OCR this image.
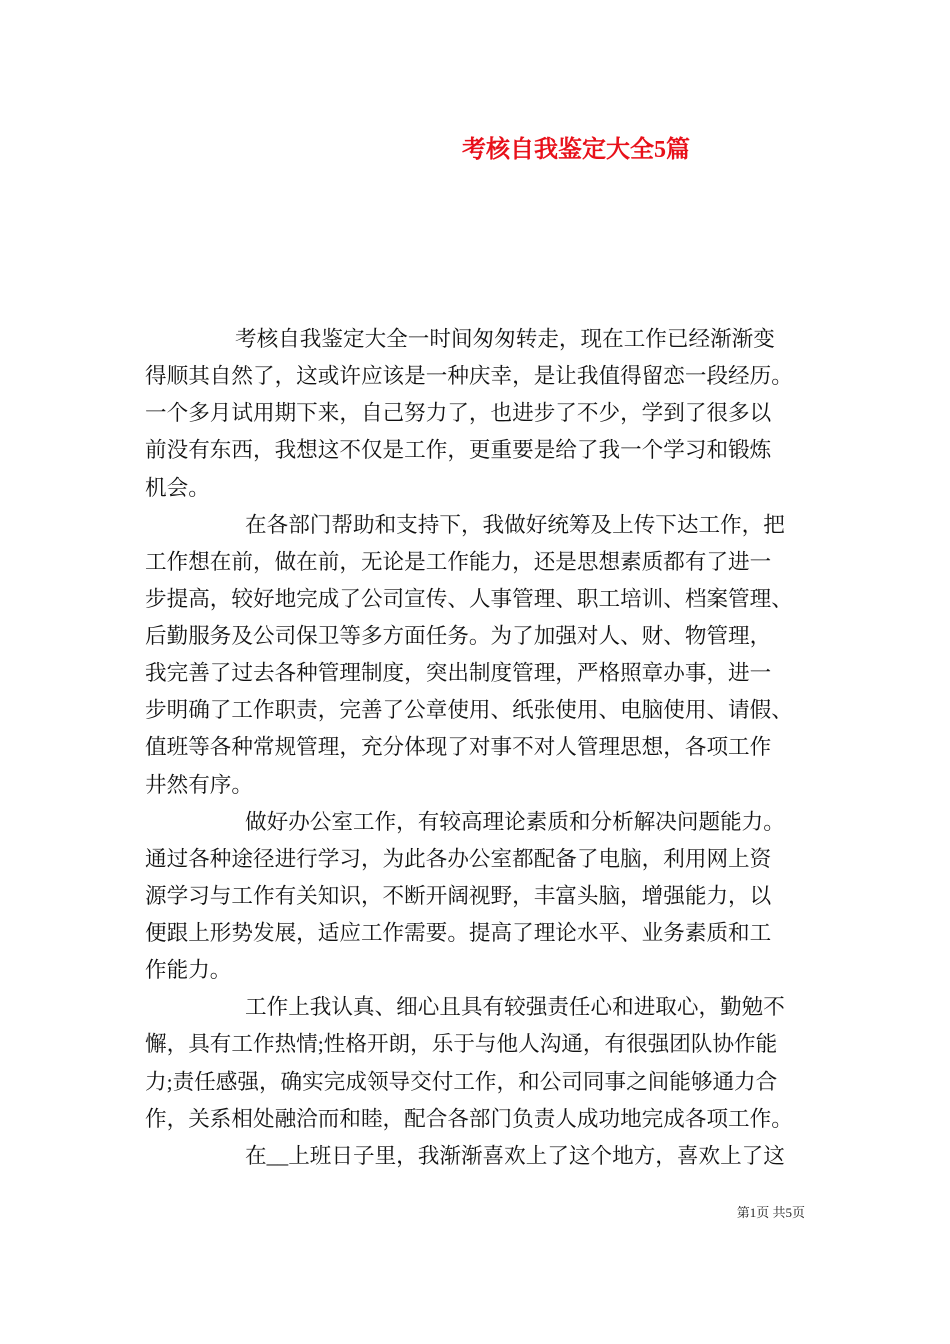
考核自我鉴定大全5篇
考核自我鉴定大全一时间匆匆转走，现在工作已经渐渐变
得顺其自然了，这或许应该是一种庆幸，是让我值得留恋一段经历。
一个多月试用期下来，自己努力了，也进步了不少，学到了很多以
前没有东西，我想这不仅是工作，更重要是给了我一个学习和锻炼
机会。
在各部门帮助和支持下，我做好统筹及上传下达工作，把
工作想在前，做在前，无论是工作能力，还是思想素质都有了进一
步提高，较好地完成了公司宣传、人事管理、职工培训、档案管理、
后勤服务及公司保卫等多方面任务。为了加强对人、财、物管理，
我完善了过去各种管理制度，突出制度管理，严格照章办事，进一
步明确了工作职责，完善了公章使用、纸张使用、电脑使用、请假、
值班等各种常规管理，充分体现了对事不对人管理思想，各项工作
井然有序。
做好办公室工作，有较高理论素质和分析解决问题能力。
通过各种途径进行学习，为此各办公室都配备了电脑，利用网上资
源学习与工作有关知识，不断开阔视野，丰富头脑，增强能力，以
便跟上形势发展，适应工作需要。提高了理论水平、业务素质和工
作能力。
工作上我认真、细心且具有较强责任心和进取心，勤勉不
懈，具有工作热情;性格开朗，乐于与他人沟通，有很强团队协作能
力;责任感强，确实完成领导交付工作，和公司同事之间能够通力合
作，关系相处融洽而和睦，配合各部门负责人成功地完成各项工作。
在__上班日子里，我渐渐喜欢上了这个地方，喜欢上了这
第1页 共5页
